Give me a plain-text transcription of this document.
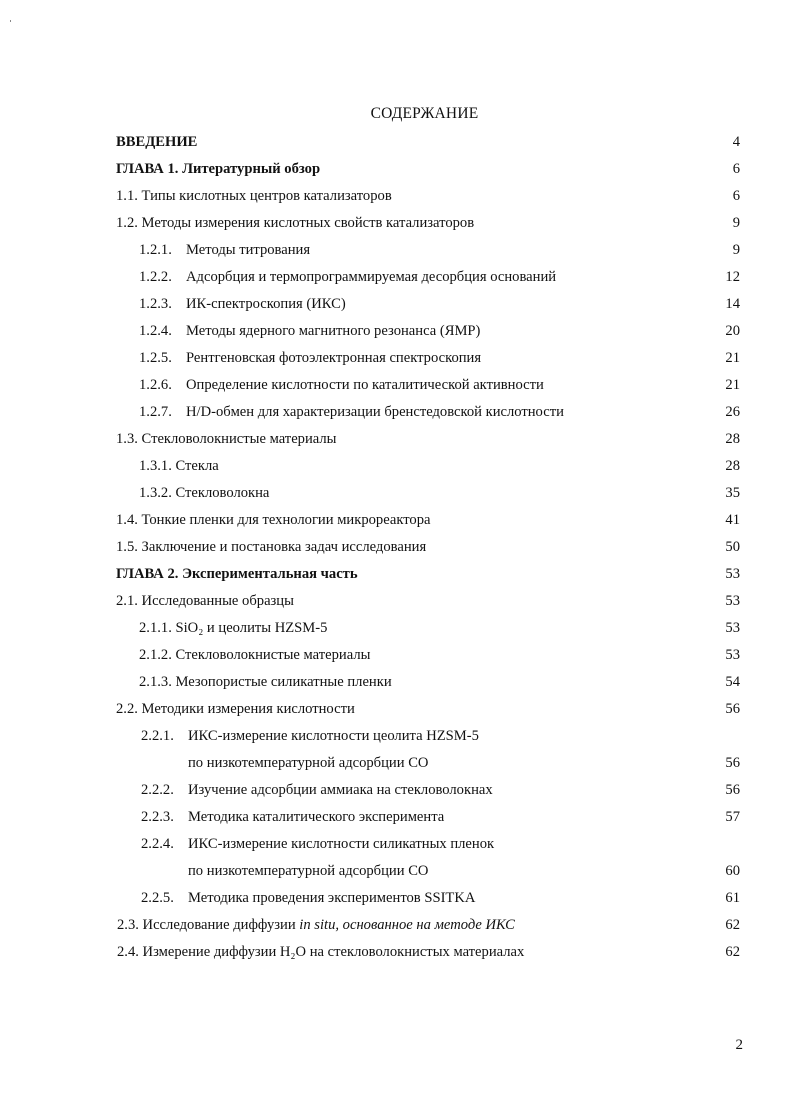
СОДЕРЖАНИЕ
ВВЕДЕНИЕ	4
ГЛАВА 1. Литературный обзор	6
1.1. Типы кислотных центров катализаторов	6
1.2. Методы измерения кислотных свойств катализаторов	9
1.2.1. Методы титрования	9
1.2.2. Адсорбция и термопрограммируемая десорбция оснований	12
1.2.3. ИК-спектроскопия (ИКС)	14
1.2.4. Методы ядерного магнитного резонанса (ЯМР)	20
1.2.5. Рентгеновская фотоэлектронная спектроскопия	21
1.2.6. Определение кислотности по каталитической активности	21
1.2.7. H/D-обмен для характеризации бренстедовской кислотности	26
1.3. Стекловолокнистые материалы	28
1.3.1. Стекла	28
1.3.2. Стекловолокна	35
1.4. Тонкие пленки для технологии микрореактора	41
1.5. Заключение и постановка задач исследования	50
ГЛАВА 2. Экспериментальная часть	53
2.1. Исследованные образцы	53
2.1.1. SiO₂ и цеолиты HZSM-5	53
2.1.2. Стекловолокнистые материалы	53
2.1.3. Мезопористые силикатные пленки	54
2.2. Методики измерения кислотности	56
2.2.1. ИКС-измерение кислотности цеолита HZSM-5
по низкотемпературной адсорбции СО	56
2.2.2. Изучение адсорбции аммиака на стекловолокнах	56
2.2.3. Методика каталитического эксперимента	57
2.2.4. ИКС-измерение кислотности силикатных пленок
по низкотемпературной адсорбции СО	60
2.2.5. Методика проведения экспериментов SSITKA	61
2.3. Исследование диффузии in situ, основанное на методе ИКС	62
2.4. Измерение диффузии H₂O на стекловолокнистых материалах	62
2
